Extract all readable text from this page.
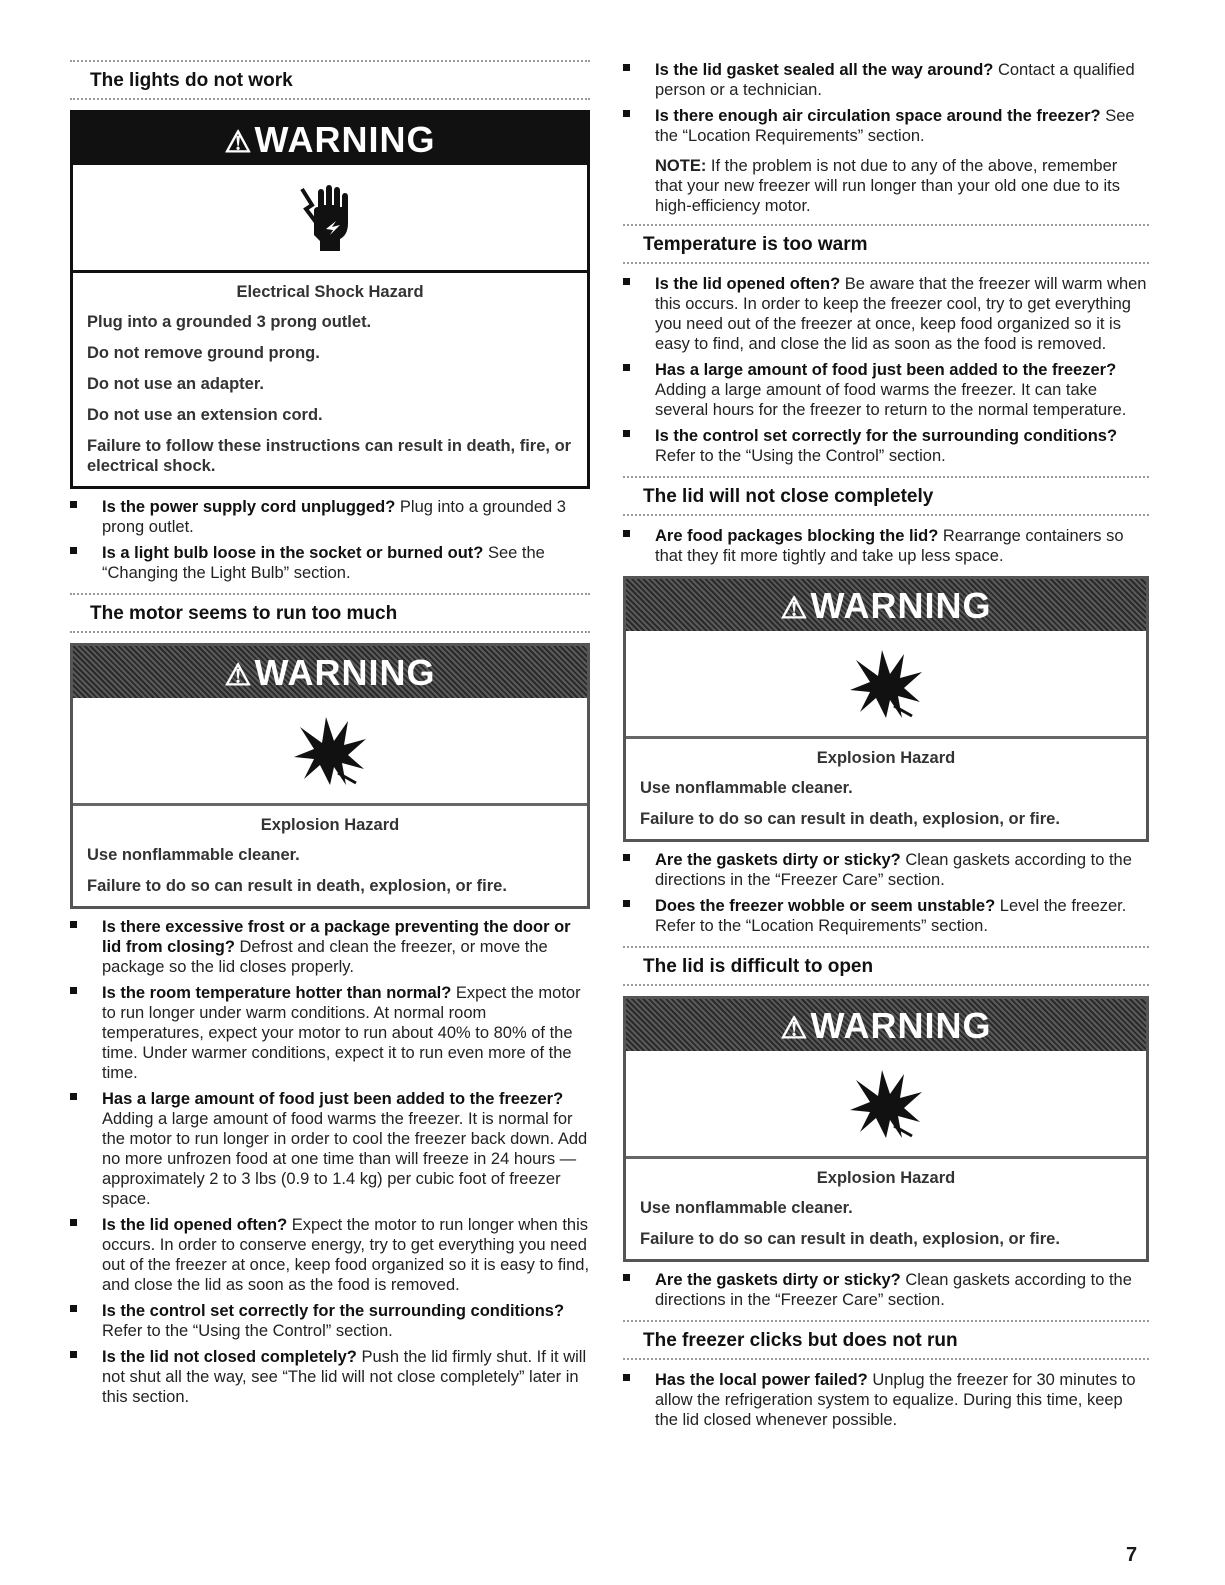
The lights do not work
⚠WARNING
Electrical Shock Hazard

Plug into a grounded 3 prong outlet.

Do not remove ground prong.

Do not use an adapter.

Do not use an extension cord.

Failure to follow these instructions can result in death, fire, or electrical shock.

Is the power supply cord unplugged? Plug into a grounded 3 prong outlet.
Is a light bulb loose in the socket or burned out? See the “Changing the Light Bulb” section.
The motor seems to run too much
⚠WARNING
Explosion Hazard

Use nonflammable cleaner.

Failure to do so can result in death, explosion, or fire.

Is there excessive frost or a package preventing the door or lid from closing? Defrost and clean the freezer, or move the package so the lid closes properly.
Is the room temperature hotter than normal? Expect the motor to run longer under warm conditions. At normal room temperatures, expect your motor to run about 40% to 80% of the time. Under warmer conditions, expect it to run even more of the time.
Has a large amount of food just been added to the freezer? Adding a large amount of food warms the freezer. It is normal for the motor to run longer in order to cool the freezer back down. Add no more unfrozen food at one time than will freeze in 24 hours — approximately 2 to 3 lbs (0.9 to 1.4 kg) per cubic foot of freezer space.
Is the lid opened often? Expect the motor to run longer when this occurs. In order to conserve energy, try to get everything you need out of the freezer at once, keep food organized so it is easy to find, and close the lid as soon as the food is removed.
Is the control set correctly for the surrounding conditions? Refer to the “Using the Control” section.
Is the lid not closed completely? Push the lid firmly shut. If it will not shut all the way, see “The lid will not close completely” later in this section.
Is the lid gasket sealed all the way around? Contact a qualified person or a technician.
Is there enough air circulation space around the freezer? See the “Location Requirements” section.

NOTE: If the problem is not due to any of the above, remember that your new freezer will run longer than your old one due to its high-efficiency motor.

Temperature is too warm
Is the lid opened often? Be aware that the freezer will warm when this occurs. In order to keep the freezer cool, try to get everything you need out of the freezer at once, keep food organized so it is easy to find, and close the lid as soon as the food is removed.
Has a large amount of food just been added to the freezer? Adding a large amount of food warms the freezer. It can take several hours for the freezer to return to the normal temperature.
Is the control set correctly for the surrounding conditions? Refer to the “Using the Control” section.
The lid will not close completely
Are food packages blocking the lid? Rearrange containers so that they fit more tightly and take up less space.
⚠WARNING
Explosion Hazard

Use nonflammable cleaner.

Failure to do so can result in death, explosion, or fire.

Are the gaskets dirty or sticky? Clean gaskets according to the directions in the “Freezer Care” section.
Does the freezer wobble or seem unstable? Level the freezer. Refer to the “Location Requirements” section.
The lid is difficult to open
⚠WARNING
Explosion Hazard

Use nonflammable cleaner.

Failure to do so can result in death, explosion, or fire.

Are the gaskets dirty or sticky? Clean gaskets according to the directions in the “Freezer Care” section.
The freezer clicks but does not run
Has the local power failed? Unplug the freezer for 30 minutes to allow the refrigeration system to equalize. During this time, keep the lid closed whenever possible.
7
